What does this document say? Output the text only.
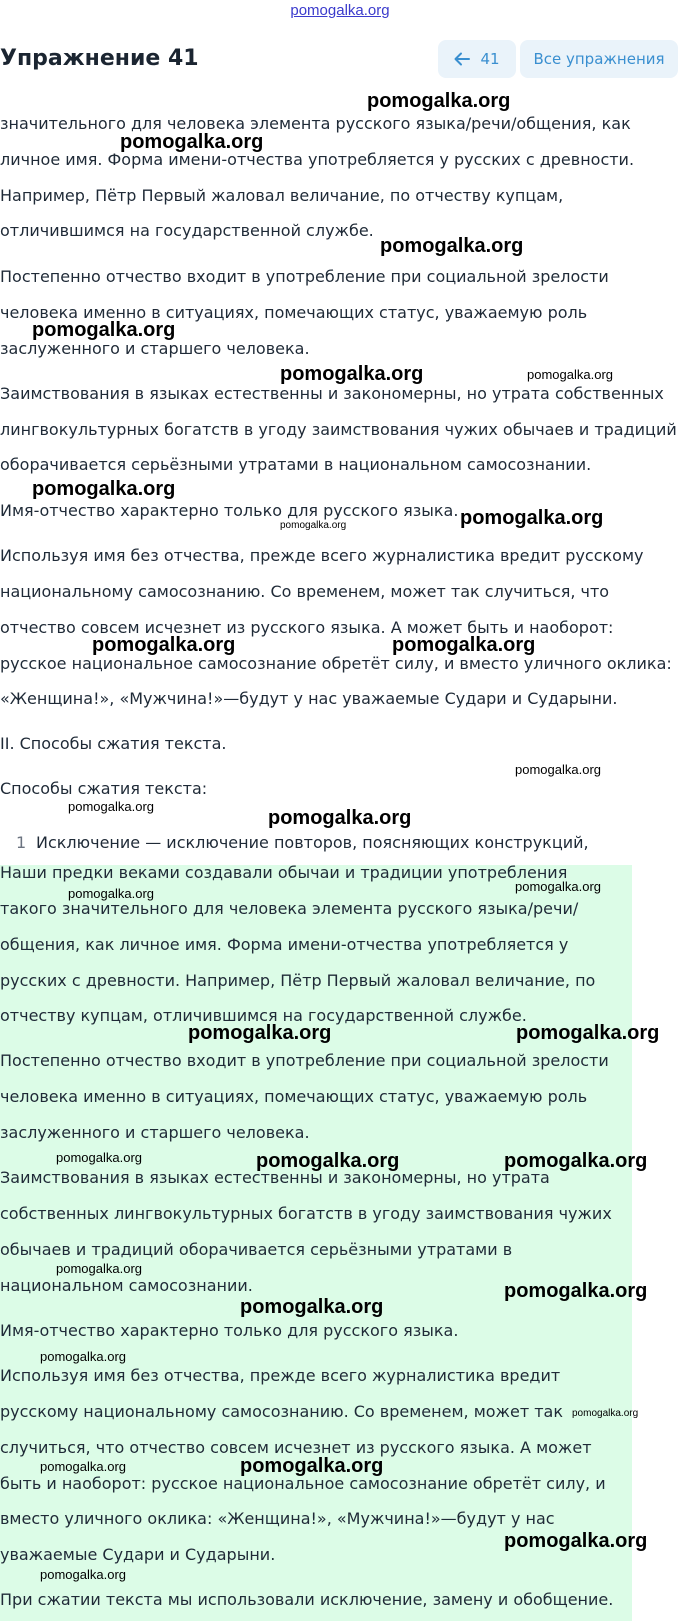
pomogalka.org
Упражнение 41	41	Все упражнения
значительного для человека элемента русского языка/речи/общения, как
личное имя. Форма имени-отчества употребляется у русских с древности.
Например, Пётр Первый жаловал величание, по отчеству купцам,
отличившимся на государственной службе.
Постепенно отчество входит в употребление при социальной зрелости
человека именно в ситуациях, помечающих статус, уважаемую роль
заслуженного и старшего человека.
Заимствования в языках естественны и закономерны, но утрата собственных
лингвокультурных богатств в угоду заимствования чужих обычаев и традиций
оборачивается серьёзными утратами в национальном самосознании.
Имя-отчество характерно только для русского языка.
Используя имя без отчества, прежде всего журналистика вредит русскому
национальному самосознанию. Со временем, может так случиться, что
отчество совсем исчезнет из русского языка. А может быть и наоборот:
русское национальное самосознание обретёт силу, и вместо уличного оклика:
«Женщина!», «Мужчина!»—будут у нас уважаемые Судари и Сударыни.
II. Способы сжатия текста.
Способы сжатия текста:
1 Исключение — исключение повторов, поясняющих конструкций,
Наши предки веками создавали обычаи и традиции употребления
такого значительного для человека элемента русского языка/речи/
общения, как личное имя. Форма имени-отчества употребляется у
русских с древности. Например, Пётр Первый жаловал величание, по
отчеству купцам, отличившимся на государственной службе.
Постепенно отчество входит в употребление при социальной зрелости
человека именно в ситуациях, помечающих статус, уважаемую роль
заслуженного и старшего человека.
Заимствования в языках естественны и закономерны, но утрата
собственных лингвокультурных богатств в угоду заимствования чужих
обычаев и традиций оборачивается серьёзными утратами в
национальном самосознании.
Имя-отчество характерно только для русского языка.
Используя имя без отчества, прежде всего журналистика вредит
русскому национальному самосознанию. Со временем, может так
случиться, что отчество совсем исчезнет из русского языка. А может
быть и наоборот: русское национальное самосознание обретёт силу, и
вместо уличного оклика: «Женщина!», «Мужчина!»—будут у нас
уважаемые Судари и Сударыни.
При сжатии текста мы использовали исключение, замену и обобщение.
pomogalka.org
pomogalka.org
pomogalka.org
pomogalka.org
pomogalka.org	pomogalka.org
pomogalka.org
pomogalka.org	pomogalka.org
pomogalka.org	pomogalka.org
pomogalka.org
pomogalka.org
pomogalka.org
pomogalka.org
pomogalka.org
pomogalka.org	pomogalka.org
pomogalka.org	pomogalka.org	pomogalka.org
pomogalka.org
pomogalka.org
pomogalka.org
pomogalka.org
pomogalka.org
pomogalka.org	pomogalka.org
pomogalka.org
pomogalka.org
